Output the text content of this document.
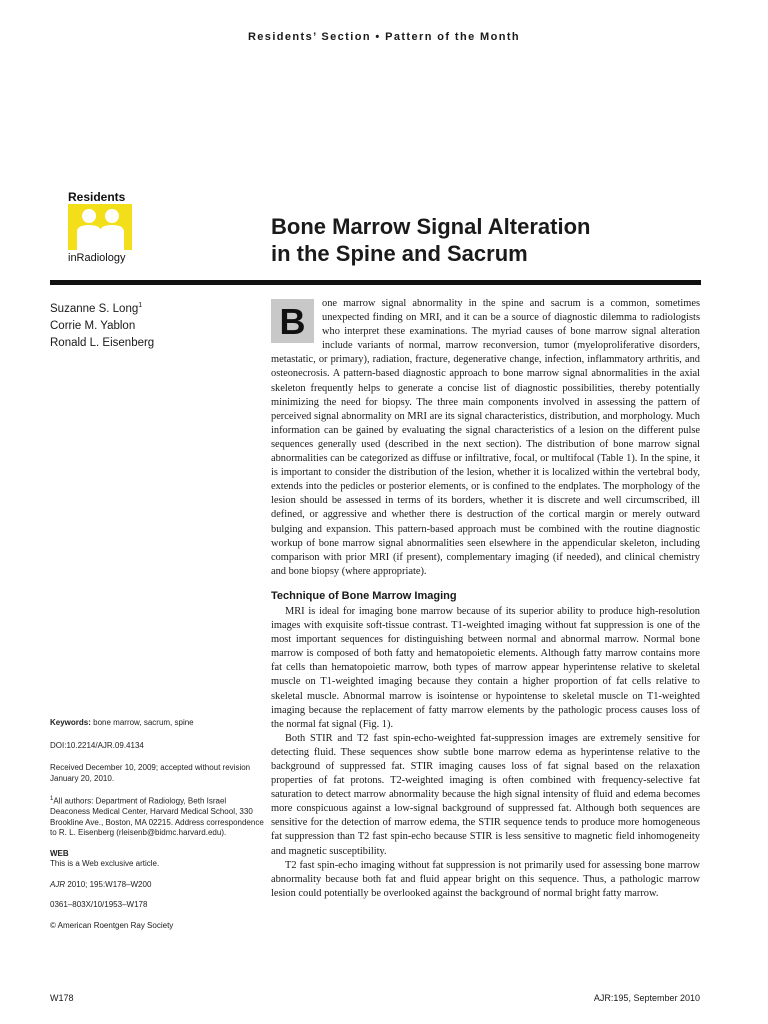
Residents’ Section • Pattern of the Month
Residents
inRadiology
Bone Marrow Signal Alteration
in the Spine and Sacrum
Suzanne S. Long$^1$
Corrie M. Yablon
Ronald L. Eisenberg

Keywords: bone marrow, sacrum, spine

DOI:10.2214/AJR.09.4134

Received December 10, 2009; accepted without revision January 20, 2010.

$^1$All authors: Department of Radiology, Beth Israel Deaconess Medical Center, Harvard Medical School, 330 Brookline Ave., Boston, MA 02215. Address correspondence to R. L. Eisenberg (rleisenb@bidmc.harvard.edu).

WEB

This is a Web exclusive article.

AJR 2010; 195:W178–W200

0361–803X/10/1953–W178

© American Roentgen Ray Society

B	one marrow signal abnormality in the spine and sacrum is a common, sometimes unexpected finding on MRI, and it can be a source of diagnostic dilemma to radiologists who interpret these examinations. The myriad causes of bone marrow signal alteration include variants of normal, marrow reconversion, tumor (myeloproliferative disorders, metastatic, or primary), radiation, fracture, degenerative change, infection, inflammatory arthritis, and osteonecrosis. A pattern-based diagnostic approach to bone marrow signal abnormalities in the axial skeleton frequently helps to generate a concise list of diagnostic possibilities, thereby potentially minimizing the need for biopsy. The three main components involved in assessing the pattern of perceived signal abnormality on MRI are its signal characteristics, distribution, and morphology. Much information can be gained by evaluating the signal characteristics of a lesion on the different pulse sequences generally used (described in the next section). The distribution of bone marrow signal abnormalities can be categorized as diffuse or infiltrative, focal, or multifocal (Table 1). In the spine, it is important to consider the distribution of the lesion, whether it is localized within the vertebral body, extends into the pedicles or posterior elements, or is confined to the endplates. The morphology of the lesion should be assessed in terms of its borders, whether it is discrete and well circumscribed, ill defined, or aggressive and whether there is destruction of the cortical margin or merely outward bulging and expansion. This pattern-based approach must be combined with the routine diagnostic workup of bone marrow signal abnormalities seen elsewhere in the appendicular skeleton, including comparison with prior MRI (if present), complementary imaging (if needed), and clinical chemistry and bone biopsy (where appropriate).

Technique of Bone Marrow Imaging

MRI is ideal for imaging bone marrow because of its superior ability to produce high-resolution images with exquisite soft-tissue contrast. T1-weighted imaging without fat suppression is one of the most important sequences for distinguishing between normal and abnormal marrow. Normal bone marrow is composed of both fatty and hematopoietic elements. Although fatty marrow contains more fat cells than hematopoietic marrow, both types of marrow appear hyperintense relative to skeletal muscle on T1-weighted imaging because they contain a higher proportion of fat cells relative to skeletal muscle. Abnormal marrow is isointense or hypointense to skeletal muscle on T1-weighted imaging because the replacement of fatty marrow elements by the pathologic process causes loss of the normal fat signal (Fig. 1).

Both STIR and T2 fast spin-echo-weighted fat-suppression images are extremely sensitive for detecting fluid. These sequences show subtle bone marrow edema as hyperintense relative to the background of suppressed fat. STIR imaging causes loss of fat signal based on the relaxation properties of fat protons. T2-weighted imaging is often combined with frequency-selective fat saturation to detect marrow abnormality because the high signal intensity of fluid and edema becomes more conspicuous against a low-signal background of suppressed fat. Although both sequences are sensitive for the detection of marrow edema, the STIR sequence tends to produce more homogeneous fat suppression than T2 fast spin-echo because STIR is less sensitive to magnetic field inhomogeneity and magnetic susceptibility.

T2 fast spin-echo imaging without fat suppression is not primarily used for assessing bone marrow abnormality because both fat and fluid appear bright on this sequence. Thus, a pathologic marrow lesion could potentially be overlooked against the background of normal bright fatty marrow.

W178	AJR:195, September 2010
